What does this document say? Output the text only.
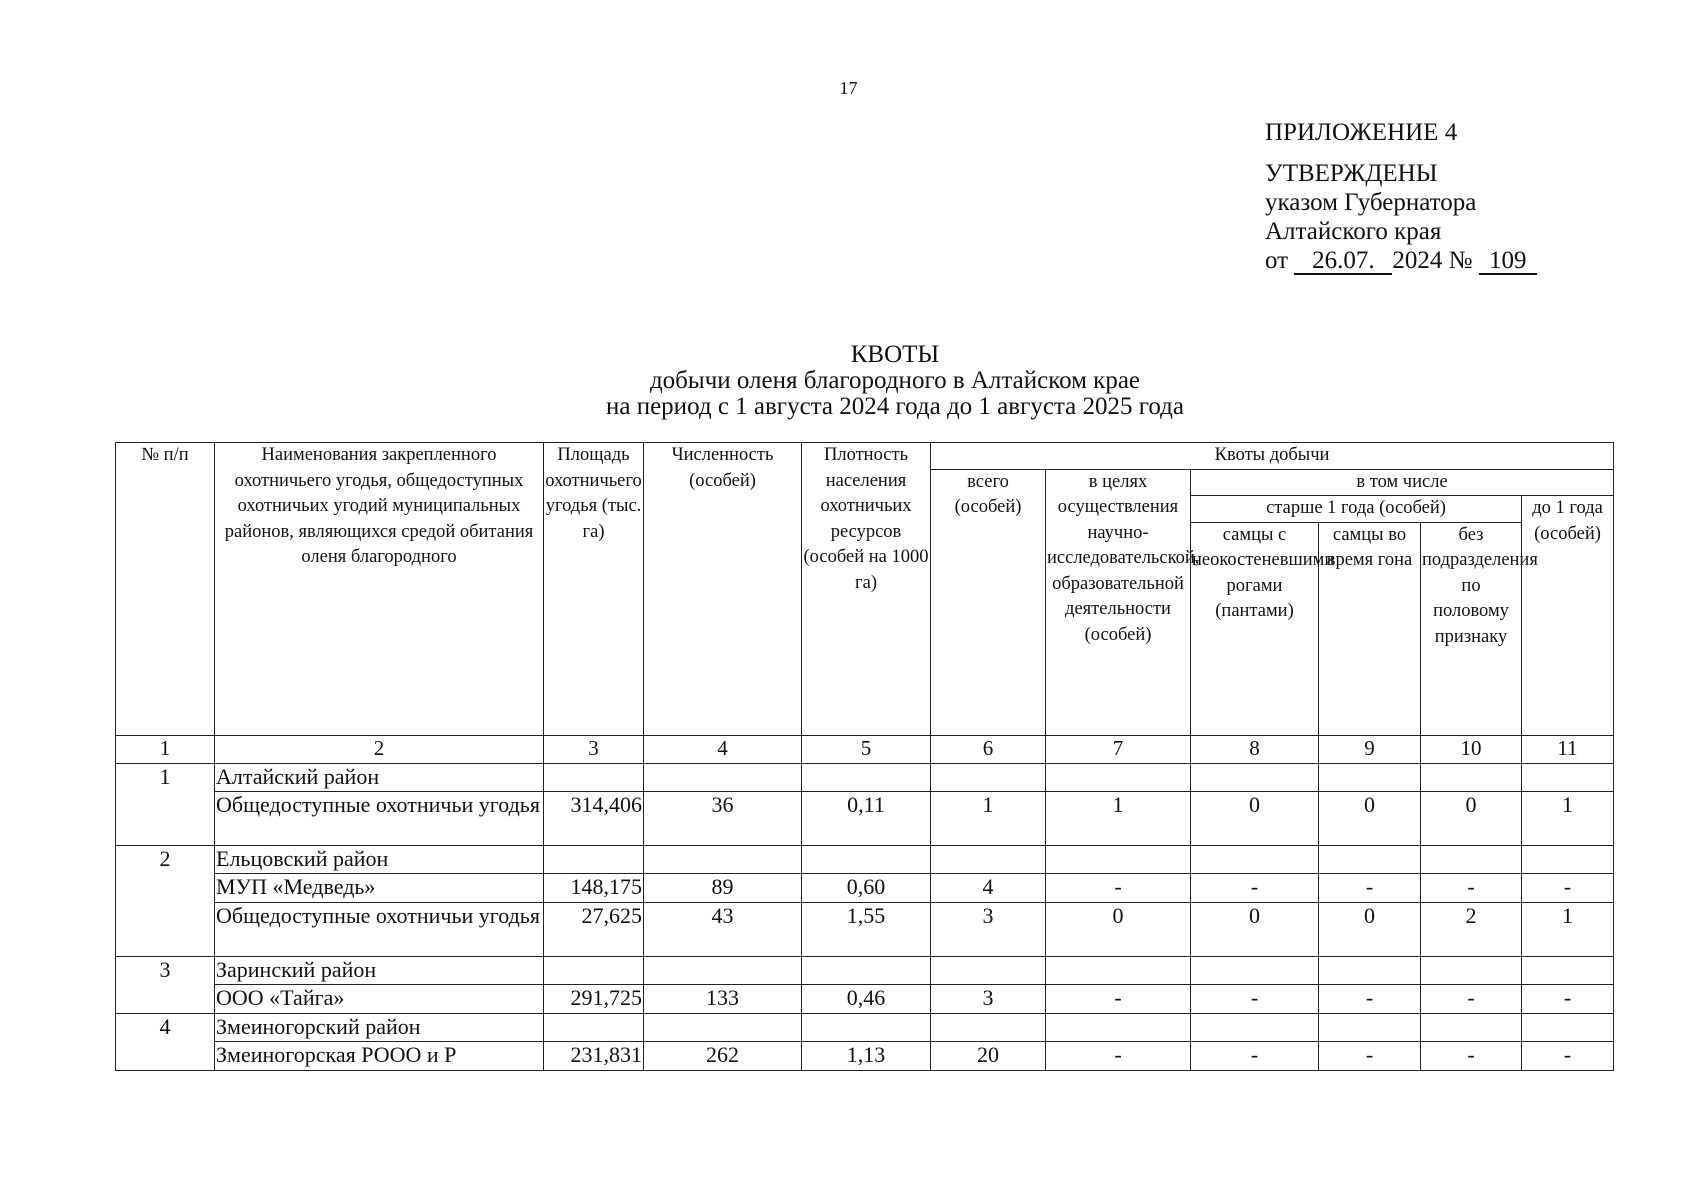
17
ПРИЛОЖЕНИЕ 4
УТВЕРЖДЕНЫ
указом Губернатора
Алтайского края
от 26.07. 2024 № 109
КВОТЫ
добычи оленя благородного в Алтайском крае
на период с 1 августа 2024 года до 1 августа 2025 года
№ п/п	Наименования закрепленного охотничьего угодья, общедоступных охотничьих угодий муниципальных районов, являющихся средой обитания оленя благородного	Площадь охотничьего угодья (тыс. га)	Численность (особей)	Плотность населения охотничьих ресурсов (особей на 1000 га)	Квоты добычи					
					всего (особей)	в целях осуществления научно-исследовательской, образовательной деятельности (особей)	в том числе			
							старше 1 года (особей)			до 1 года (особей)
							самцы с неокостеневшими рогами (пантами)	самцы во время гона	без подразделения по половому признаку	

1	2	3	4	5	6	7	8	9	10	11
1	Алтайский район									
	Общедоступные охотничьи угодья	314,406	36	0,11	1	1	0	0	0	1
2	Ельцовский район									
	МУП «Медведь»	148,175	89	0,60	4	-	-	-	-	-
	Общедоступные охотничьи угодья	27,625	43	1,55	3	0	0	0	2	1
3	Заринский район									
	ООО «Тайга»	291,725	133	0,46	3	-	-	-	-	-
4	Змеиногорский район									
	Змеиногорская РООО и Р	231,831	262	1,13	20	-	-	-	-	-
